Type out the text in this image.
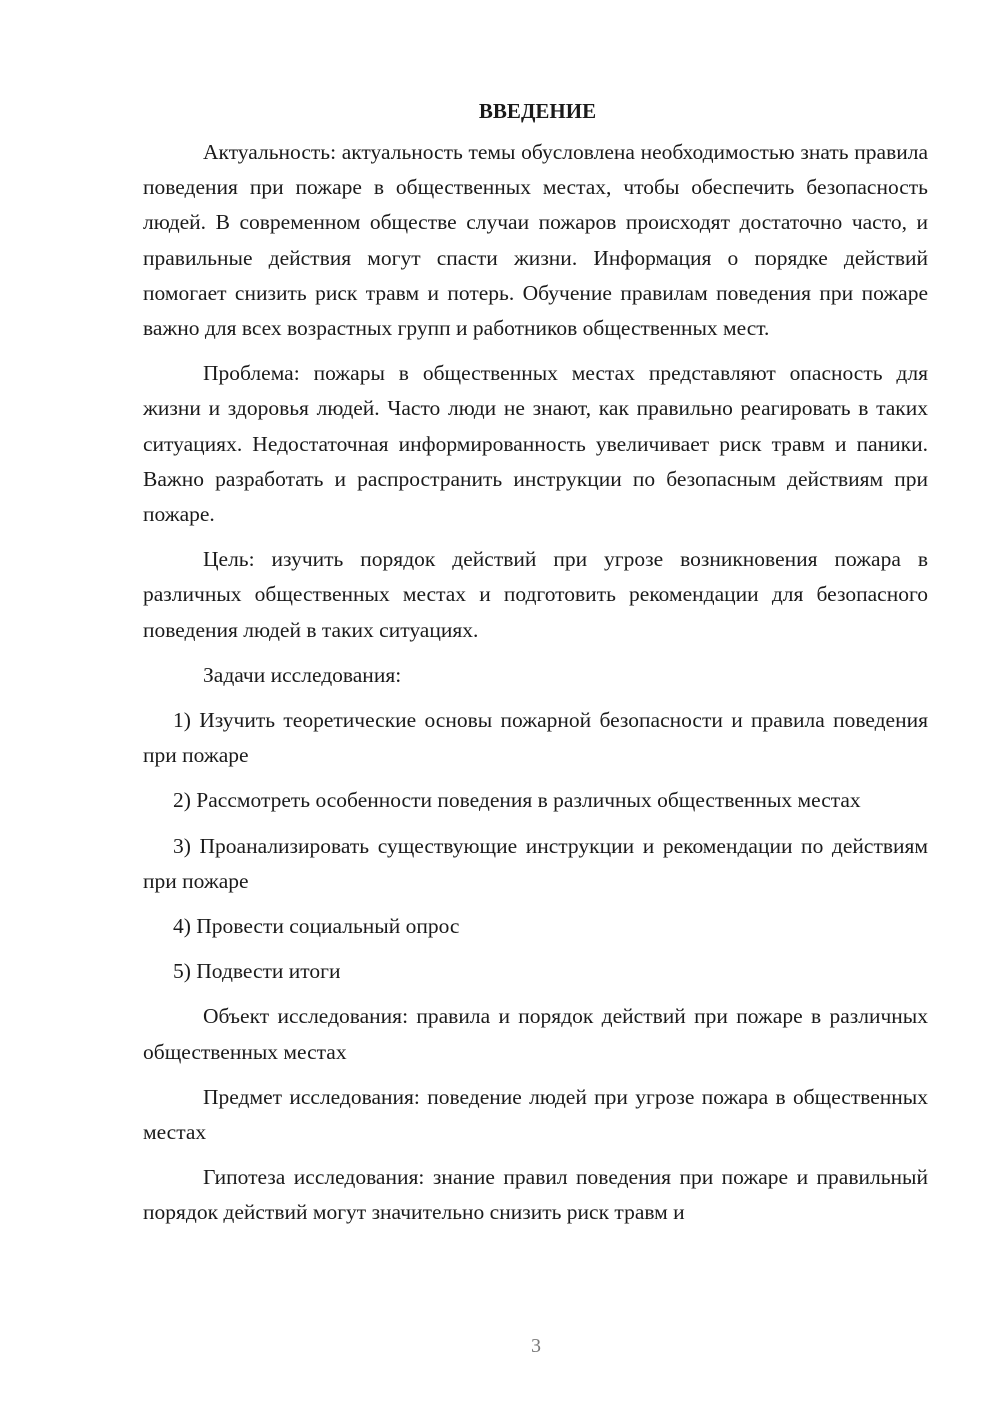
ВВЕДЕНИЕ

Актуальность: актуальность темы обусловлена необходимостью знать правила поведения при пожаре в общественных местах, чтобы обеспечить безопасность людей. В современном обществе случаи пожаров происходят достаточно часто, и правильные действия могут спасти жизни. Информация о порядке действий помогает снизить риск травм и потерь. Обучение правилам поведения при пожаре важно для всех возрастных групп и работников общественных мест.

Проблема: пожары в общественных местах представляют опасность для жизни и здоровья людей. Часто люди не знают, как правильно реагировать в таких ситуациях. Недостаточная информированность увеличивает риск травм и паники. Важно разработать и распространить инструкции по безопасным действиям при пожаре.

Цель: изучить порядок действий при угрозе возникновения пожара в различных общественных местах и подготовить рекомендации для безопасного поведения людей в таких ситуациях.

Задачи исследования:

1) Изучить теоретические основы пожарной безопасности и правила поведения при пожаре

2) Рассмотреть особенности поведения в различных общественных местах

3) Проанализировать существующие инструкции и рекомендации по действиям при пожаре

4) Провести социальный опрос

5) Подвести итоги

Объект исследования: правила и порядок действий при пожаре в различных общественных местах

Предмет исследования: поведение людей при угрозе пожара в общественных местах

Гипотеза исследования: знание правил поведения при пожаре и правильный порядок действий могут значительно снизить риск травм и

3
